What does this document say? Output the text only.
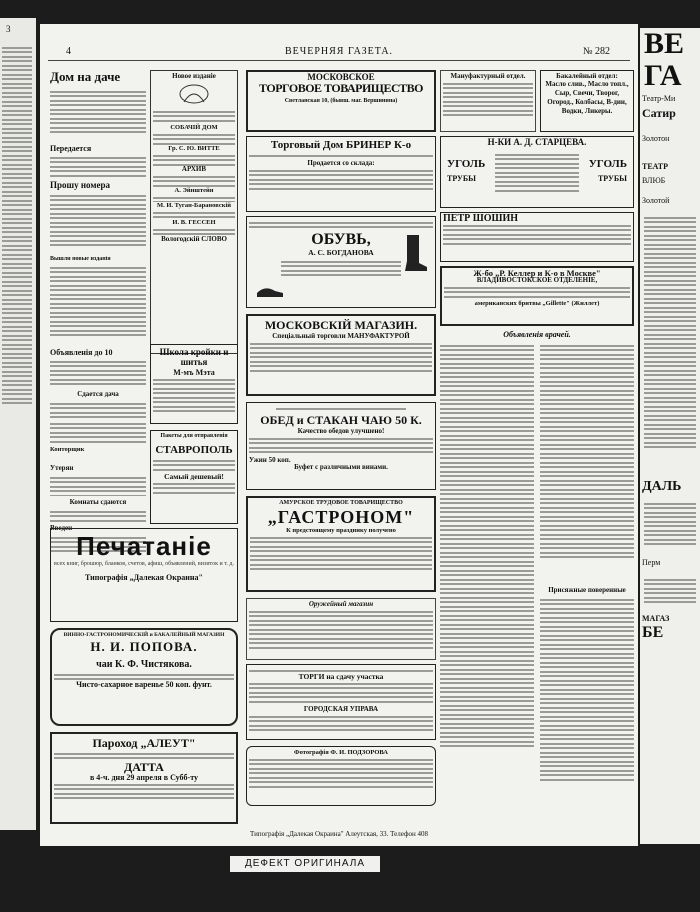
3
4	ВЕЧЕРНЯЯ ГАЗЕТА.	№ 282
Дом на даче
Передается
Прошу номера
Вышли новые изданія
Объявленія до 10
Сдается дача
Конторщик
Утерян
Комнаты сдаются
Введен
Новое изданіе
СОБАЧІЙ ДОМ
Гр. С. Ю. ВИТТЕ
АРХИВ
А. Эйнштейн
М. И. Туган-Барановскій
И. В. ГЕССЕН
Вологодскій СЛОВО
Школа кройки и шитья
М-мъ Мэта
Пакеты для отправленія
СТАВРОПОЛЬ
Самый дешевый!
МОСКОВСКОЕ
ТОРГОВОЕ ТОВАРИЩЕСТВО
Светланская 10, (бывш. маг. Вершинина)
Торговый Дом БРИНЕР К-о
Продается со склада:
ОБУВЬ,
А. С. БОГДАНОВА
МОСКОВСКІЙ МАГАЗИН.
Спеціальный торговли МАНУФАКТУРОЙ
ОБЕД и СТАКАН ЧАЮ 50 К.
Качество обедов улучшено!
Ужин 50 коп.
Буфет с различными винами.
АМУРСКОЕ ТРУДОВОЕ ТОВАРИЩЕСТВО
„ГАСТРОНОМ"
К предстоящему празднику получено
Оружейный магазин
ТОРГИ на сдачу участка
ГОРОДСКАЯ УПРАВА
Фотографія Ф. И. ПОДЗОРОВА
Мануфактурный отдел.	Бакалейный отдел:
Масло слив., Масло топл., Сыр, Свечи, Творог, Огород., Колбасы, В-дин, Водки, Ликеры.
Н-КИ А. Д. СТАРЦЕВА.
УГОЛЬ
ТРУБЫ
УГОЛЬ
ТРУБЫ
ПЕТР ШОШИН
Ж-бо „Р. Келлер и К-о в Москве"
ВЛАДИВОСТОКСКОЕ ОТДЕЛЕНІЕ,
американских бритвы „Gillette" (Жиллет)
Объявленія врачей.
Присяжные поверенные
Печатаніе
всех книг, брошюр, бланков, счетов, афиш, объявлений, визиток и т. д.
Типографія „Далекая Окраина"
ВИННО-ГАСТРОНОМИЧЕСКІЙ и БАКАЛЕЙНЫЙ МАГАЗИН
Н. И. ПОПОВА.
чаи К. Ф. Чистякова.
Чисто-сахарное варенье 50 коп. фунт.
Пароход „АЛЕУТ"
ДАТТА
в 4-ч. дня 29 апреля в Субб-ту
Типографія „Далекая Окраина" Алеутская, 33. Телефон 408
ВЕ
ГА
Театр-Ми
Сатир
Золотон
ТЕАТР
ВЛЮБ
Золотой
ДАЛЬ
Перм
МАГАЗ
БЕ
ДЕФЕКТ ОРИГИНАЛА
